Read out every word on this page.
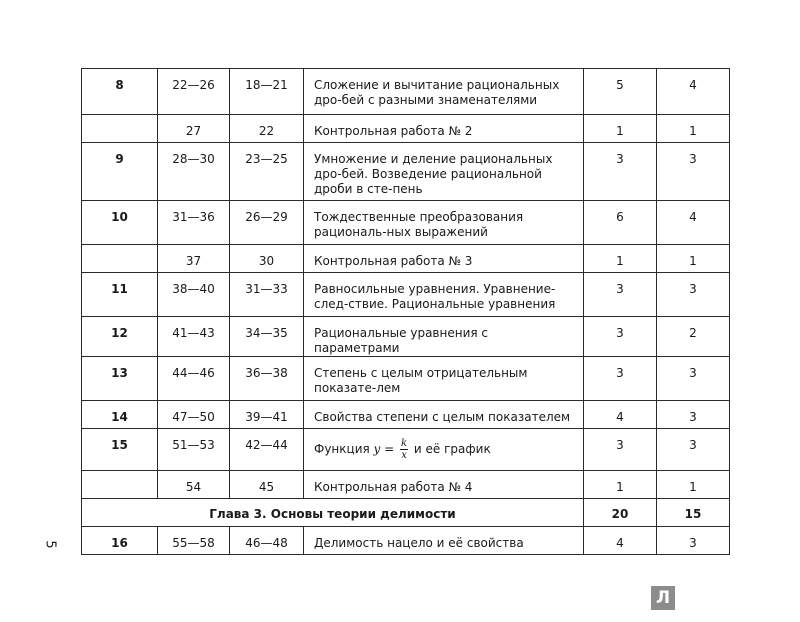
8	22—26	18—21	Сложение и вычитание рациональных дро-бей с разными знаменателями	5	4
	27	22	Контрольная работа № 2	1	1
9	28—30	23—25	Умножение и деление рациональных дро-бей. Возведение рациональной дроби в сте-пень	3	3
10	31—36	26—29	Тождественные преобразования рациональ-ных выражений	6	4
	37	30	Контрольная работа № 3	1	1
11	38—40	31—33	Равносильные уравнения. Уравнение-след-ствие. Рациональные уравнения	3	3
12	41—43	34—35	Рациональные уравнения с параметрами	3	2
13	44—46	36—38	Степень с целым отрицательным показате-лем	3	3
14	47—50	39—41	Свойства степени с целым показателем	4	3
15	51—53	42—44	Функция $y = \frac{k}{x}$ и её график	3	3
	54	45	Контрольная работа № 4	1	1
Глава 3. Основы теории делимости				20	15
16	55—58	46—48	Делимость нацело и её свойства	4	3
5
Л
